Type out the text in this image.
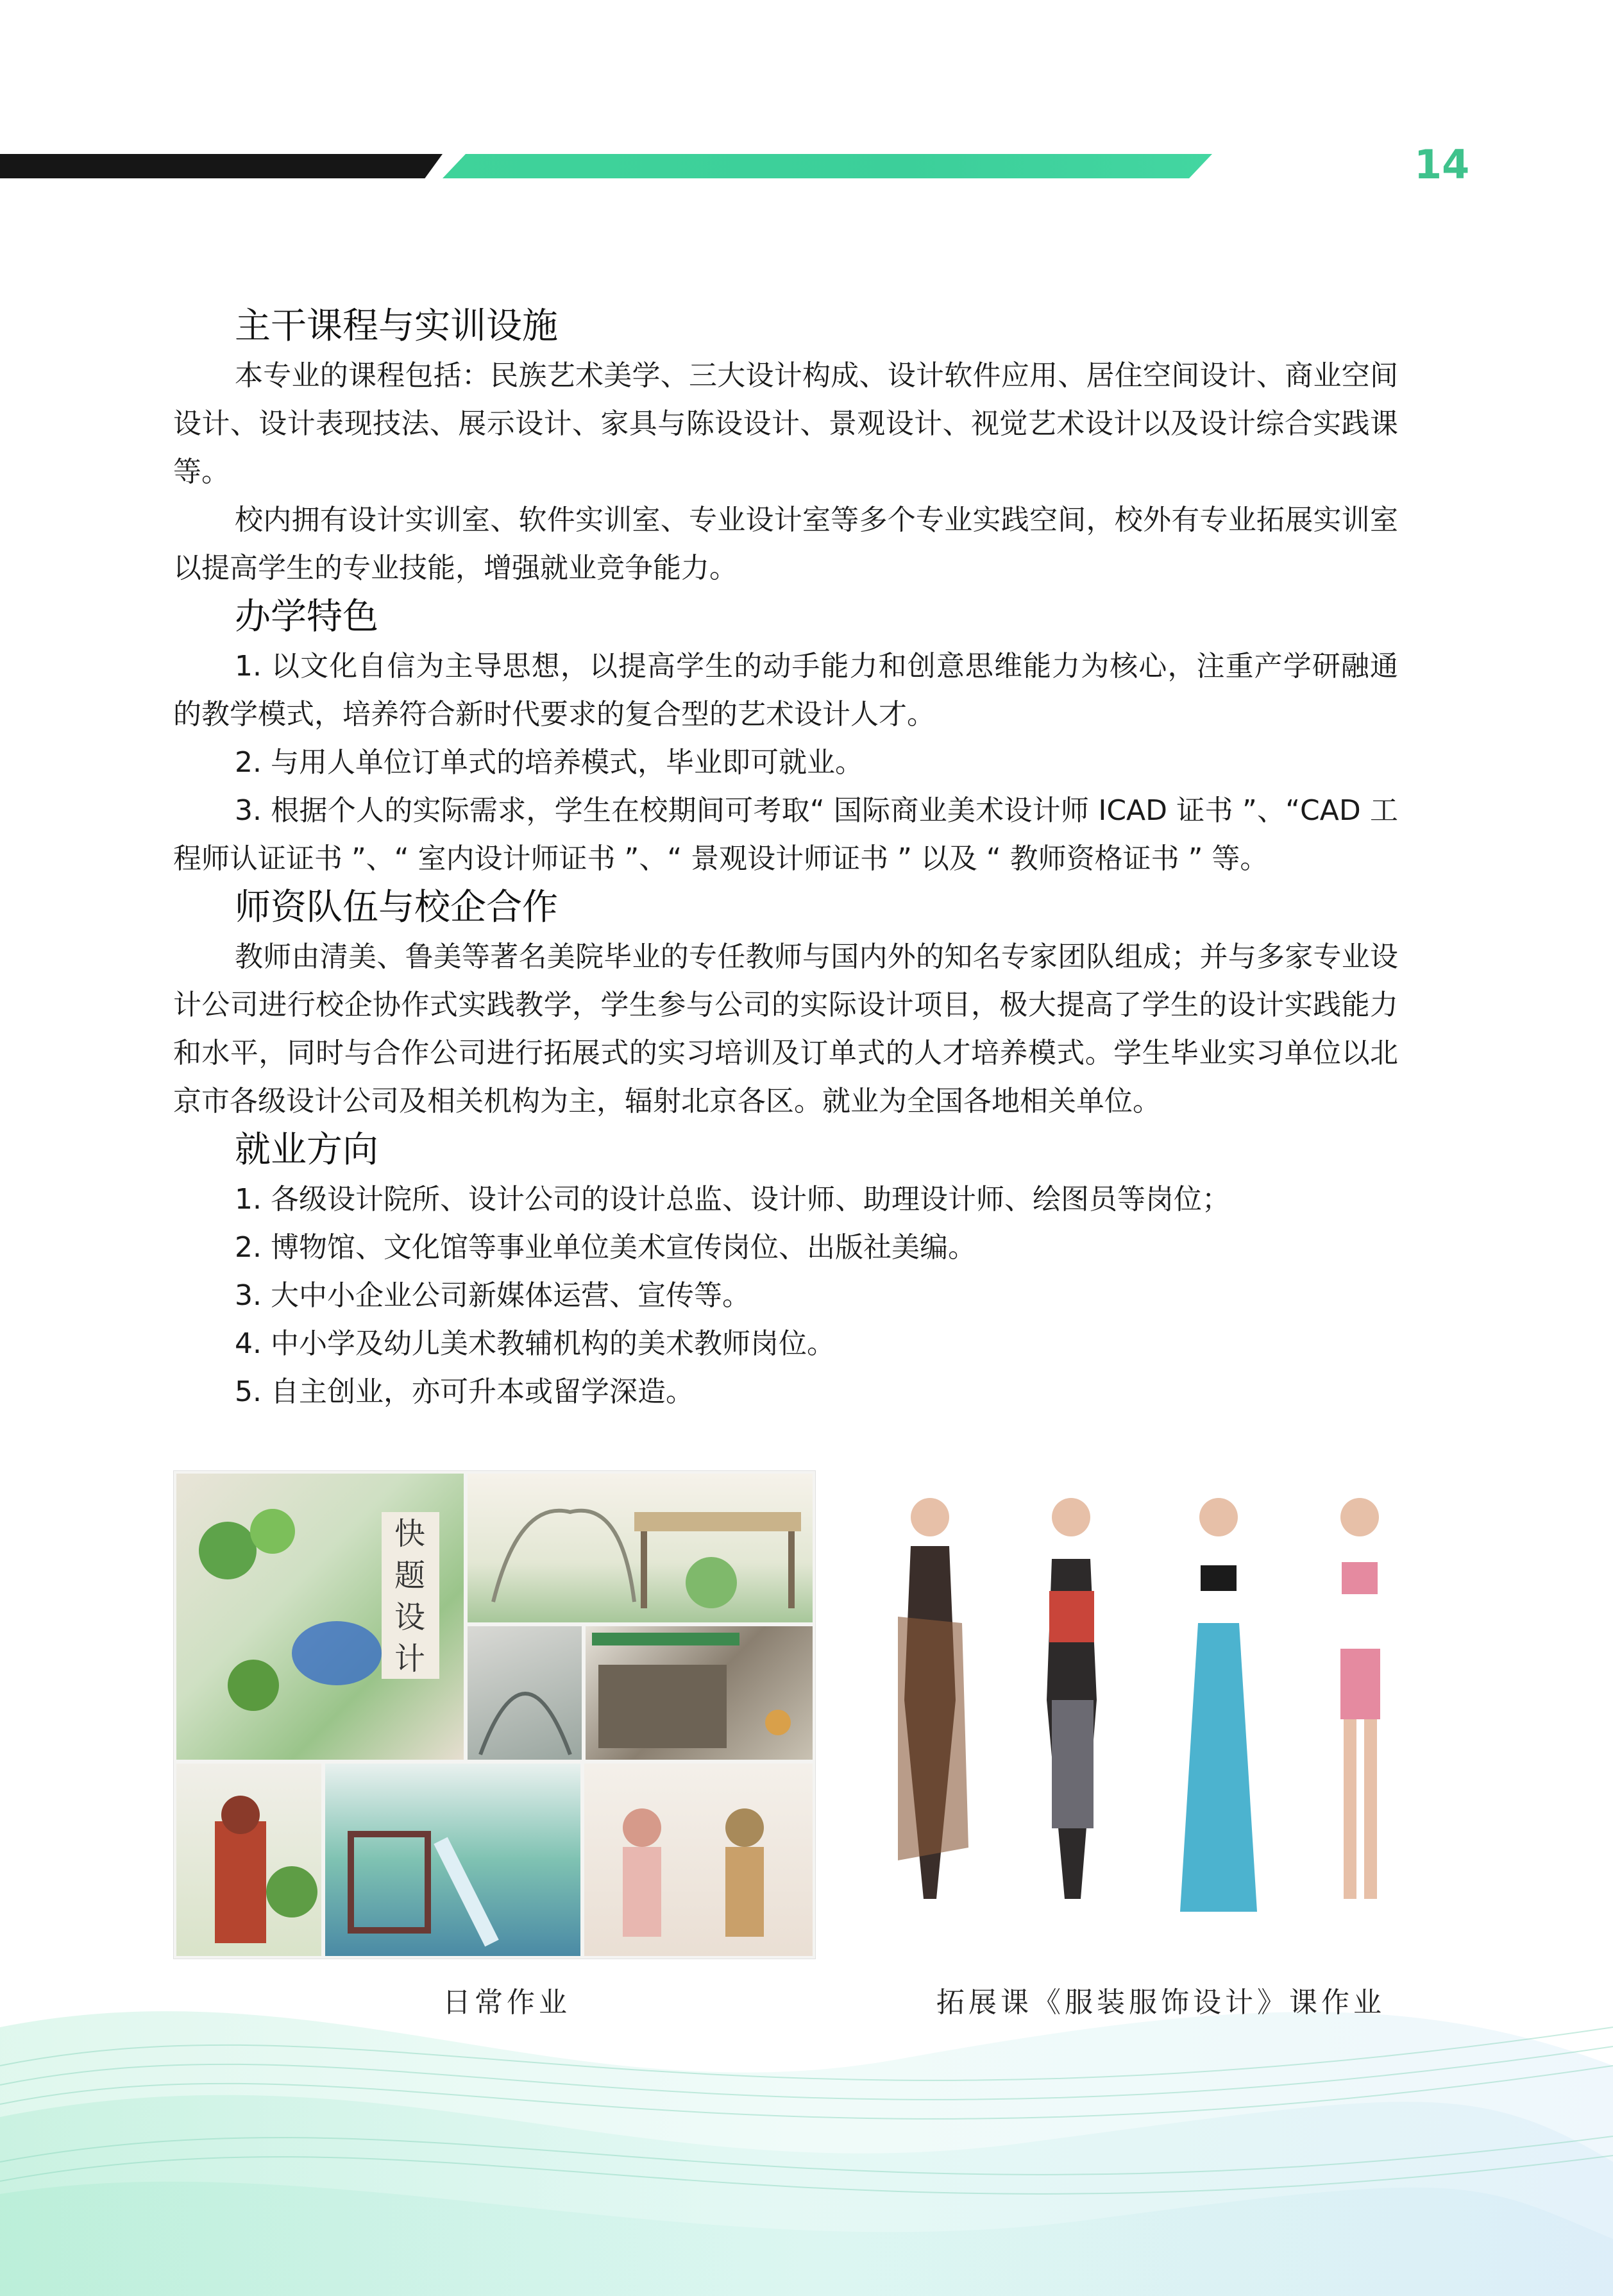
14
主干课程与实训设施

本专业的课程包括：民族艺术美学、三大设计构成、设计软件应用、居住空间设计、商业空间设计、设计表现技法、展示设计、家具与陈设设计、景观设计、视觉艺术设计以及设计综合实践课等。

校内拥有设计实训室、软件实训室、专业设计室等多个专业实践空间，校外有专业拓展实训室以提高学生的专业技能，增强就业竞争能力。

办学特色

1. 以文化自信为主导思想，以提高学生的动手能力和创意思维能力为核心，注重产学研融通的教学模式，培养符合新时代要求的复合型的艺术设计人才。

2. 与用人单位订单式的培养模式，毕业即可就业。

3. 根据个人的实际需求，学生在校期间可考取“ 国际商业美术设计师 ICAD 证书 ”、“CAD 工程师认证证书 ”、“ 室内设计师证书 ”、“ 景观设计师证书 ” 以及 “ 教师资格证书 ” 等。

师资队伍与校企合作

教师由清美、鲁美等著名美院毕业的专任教师与国内外的知名专家团队组成；并与多家专业设计公司进行校企协作式实践教学，学生参与公司的实际设计项目，极大提高了学生的设计实践能力和水平，同时与合作公司进行拓展式的实习培训及订单式的人才培养模式。学生毕业实习单位以北京市各级设计公司及相关机构为主，辐射北京各区。就业为全国各地相关单位。

就业方向

1. 各级设计院所、设计公司的设计总监、设计师、助理设计师、绘图员等岗位；

2. 博物馆、文化馆等事业单位美术宣传岗位、出版社美编。

3. 大中小企业公司新媒体运营、宣传等。

4. 中小学及幼儿美术教辅机构的美术教师岗位。

5. 自主创业，亦可升本或留学深造。

快
题
设
计
日常作业	拓展课《服装服饰设计》课作业
